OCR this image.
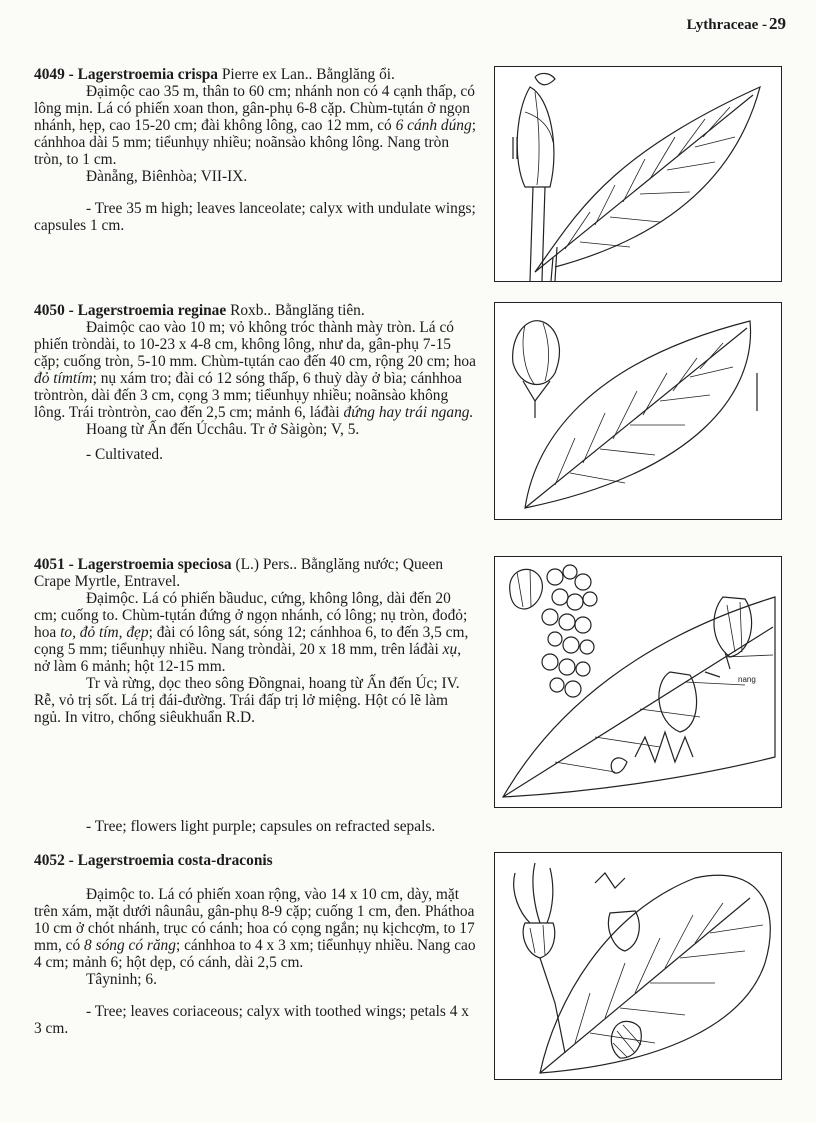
Lythraceae - 29

4049 - Lagerstroemia crispa Pierre ex Lan.. Bằnglăng ổi.

Đạimộc cao 35 m, thân to 60 cm; nhánh non có 4 cạnh thấp, có lông mịn. Lá có phiến xoan thon, gân-phụ 6-8 cặp. Chùm-tụtán ở ngọn nhánh, hẹp, cao 15-20 cm; đài không lông, cao 12 mm, có 6 cánh dúng; cánhhoa dài 5 mm; tiểunhụy nhiều; noãnsào không lông. Nang tròn tròn, to 1 cm.

Đànẵng, Biênhòa; VII-IX.

- Tree 35 m high; leaves lanceolate; calyx with undulate wings; capsules 1 cm.

4050 - Lagerstroemia reginae Roxb.. Bằnglăng tiên.

Đaimộc cao vào 10 m; vỏ không tróc thành mày tròn. Lá có phiến tròndài, to 10-23 x 4-8 cm, không lông, như da, gân-phụ 7-15 cặp; cuống tròn, 5-10 mm. Chùm-tụtán cao đến 40 cm, rộng 20 cm; hoa đỏ tímtím; nụ xám tro; đài có 12 sóng thấp, 6 thuỳ dày ở bìa; cánhhoa tròntròn, dài đến 3 cm, cọng 3 mm; tiểunhụy nhiều; noãnsào không lông. Trái tròntròn, cao đến 2,5 cm; mảnh 6, láđài đứng hay trái ngang.

Hoang từ Ấn đến Úcchâu. Tr ở Sàigòn; V, 5.

- Cultivated.

4051 - Lagerstroemia speciosa (L.) Pers.. Bằnglăng nước; Queen Crape Myrtle, Entravel.

Đạimộc. Lá có phiến bầuduc, cứng, không lông, dài đến 20 cm; cuống to. Chùm-tụtán đứng ở ngọn nhánh, có lông; nụ tròn, đođỏ; hoa to, đỏ tím, đẹp; đài có lông sát, sóng 12; cánhhoa 6, to đến 3,5 cm, cọng 5 mm; tiểunhụy nhiều. Nang tròndài, 20 x 18 mm, trên láđài xụ, nở làm 6 mảnh; hột 12-15 mm.

Tr và rừng, dọc theo sông Đồngnai, hoang từ Ấn đến Úc; IV. Rễ, vỏ trị sốt. Lá trị đái-đường. Trái đấp trị lở miệng. Hột có lẽ làm ngủ. In vitro, chống siêukhuẩn R.D.

- Tree; flowers light purple; capsules on refracted sepals.

nang

4052 - Lagerstroemia costa-draconis

Đạimộc to. Lá có phiến xoan rộng, vào 14 x 10 cm, dày, mặt trên xám, mặt dưới nâunâu, gân-phụ 8-9 cặp; cuống 1 cm, đen. Pháthoa 10 cm ở chót nhánh, trục có cánh; hoa có cọng ngắn; nụ kịchcợm, to 17 mm, có 8 sóng có răng; cánhhoa to 4 x 3 xm; tiểunhụy nhiều. Nang cao 4 cm; mảnh 6; hột dẹp, có cánh, dài 2,5 cm.

Tâyninh; 6.

- Tree; leaves coriaceous; calyx with toothed wings; petals 4 x 3 cm.
